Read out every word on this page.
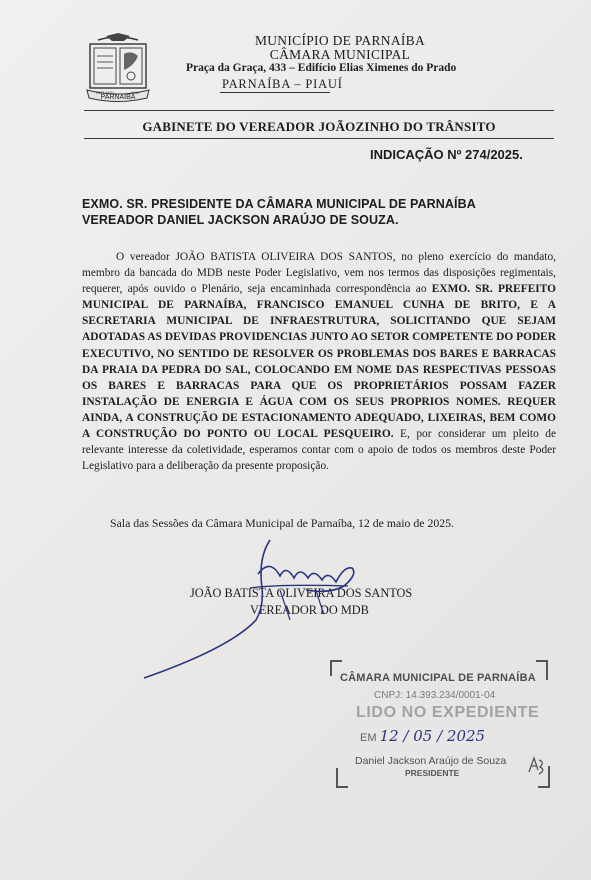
PARNAIBA
OUT 1671	1844
MUNICÍPIO DE PARNAÍBA
CÂMARA MUNICIPAL
Praça da Graça, 433 – Edifício Elias Ximenes do Prado
PARNAÍBA – PIAUÍ
GABINETE DO VEREADOR JOÃOZINHO DO TRÂNSITO
INDICAÇÃO Nº 274/2025.
EXMO. SR. PRESIDENTE DA CÂMARA MUNICIPAL DE PARNAÍBA
VEREADOR DANIEL JACKSON ARAÚJO DE SOUZA.
O vereador JOÃO BATISTA OLIVEIRA DOS SANTOS, no pleno exercício do mandato, membro da bancada do MDB neste Poder Legislativo, vem nos termos das disposições regimentais, requerer, após ouvido o Plenário, seja encaminhada correspondência ao EXMO. SR. PREFEITO MUNICIPAL DE PARNAÍBA, FRANCISCO EMANUEL CUNHA DE BRITO, E A SECRETARIA MUNICIPAL DE INFRAESTRUTURA, SOLICITANDO QUE SEJAM ADOTADAS AS DEVIDAS PROVIDENCIAS JUNTO AO SETOR COMPETENTE DO PODER EXECUTIVO, NO SENTIDO DE RESOLVER OS PROBLEMAS DOS BARES E BARRACAS DA PRAIA DA PEDRA DO SAL, COLOCANDO EM NOME DAS RESPECTIVAS PESSOAS OS BARES E BARRACAS PARA QUE OS PROPRIETÁRIOS POSSAM FAZER INSTALAÇÃO DE ENERGIA E ÁGUA COM OS SEUS PROPRIOS NOMES. REQUER AINDA, A CONSTRUÇÃO DE ESTACIONAMENTO ADEQUADO, LIXEIRAS, BEM COMO A CONSTRUÇÃO DO PONTO OU LOCAL PESQUEIRO. E, por considerar um pleito de relevante interesse da coletividade, esperamos contar com o apoio de todos os membros deste Poder Legislativo para a deliberação da presente proposição.
Sala das Sessões da Câmara Municipal de Parnaíba, 12 de maio de 2025.
JOÃO BATISTA OLIVEIRA DOS SANTOS
VEREADOR DO MDB
CÂMARA MUNICIPAL DE PARNAÍBA
CNPJ: 14.393.234/0001-04
LIDO NO EXPEDIENTE
EM 12 / 05 / 2025
Daniel Jackson Araújo de Souza
PRESIDENTE
